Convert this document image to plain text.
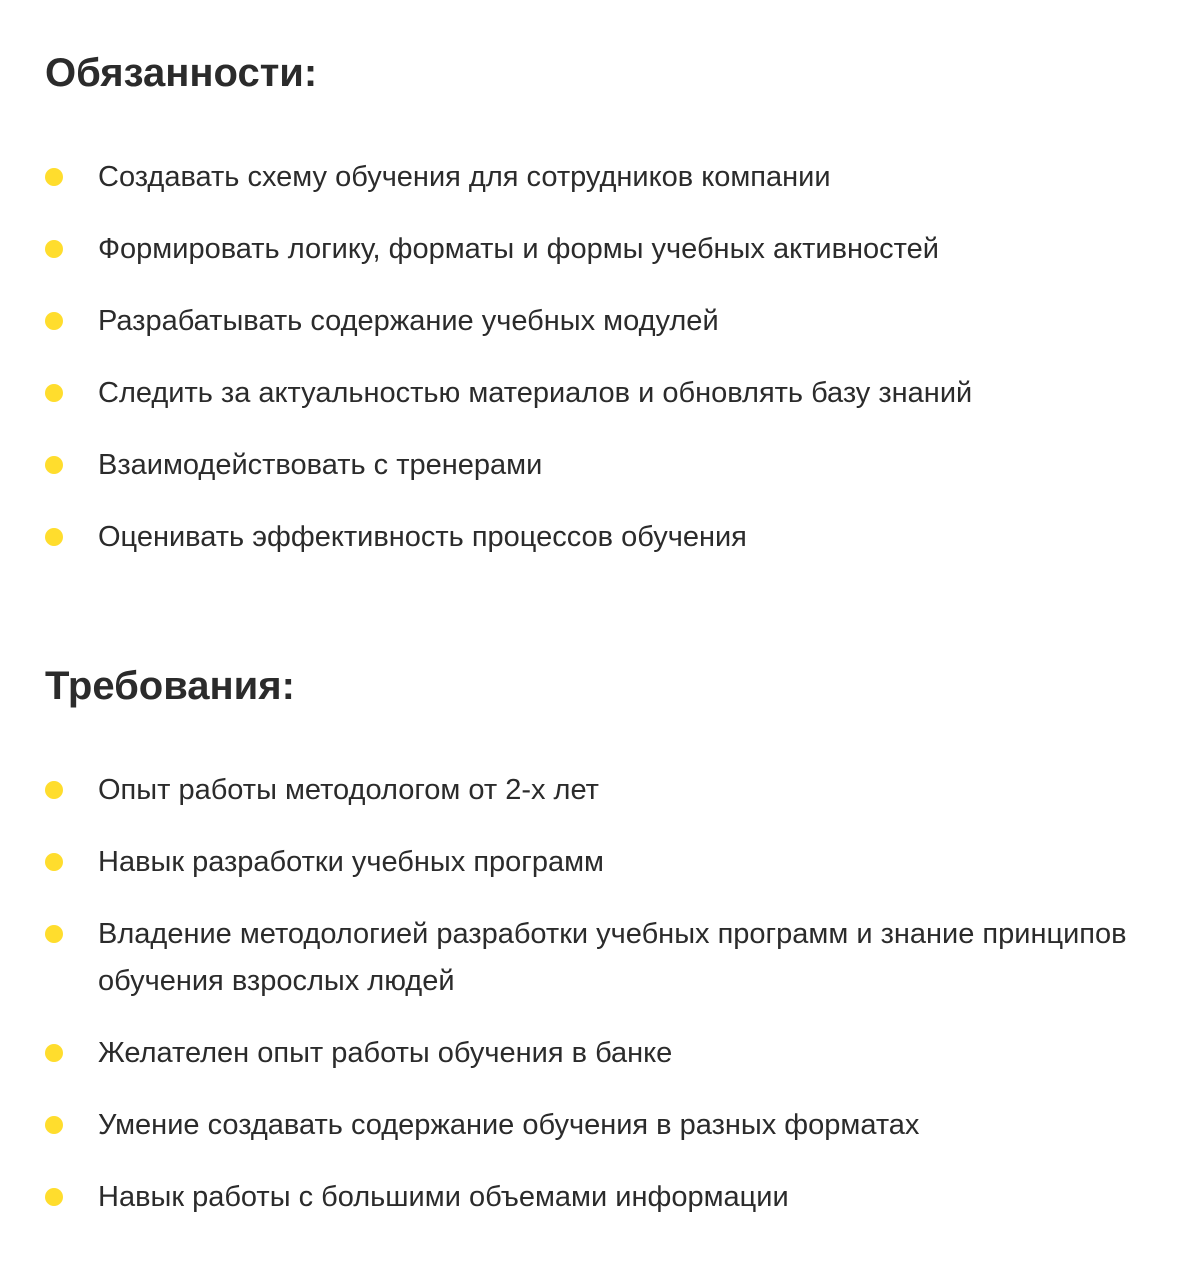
Обязанности:
Создавать схему обучения для сотрудников компании
Формировать логику, форматы и формы учебных активностей
Разрабатывать содержание учебных модулей
Следить за актуальностью материалов и обновлять базу знаний
Взаимодействовать с тренерами
Оценивать эффективность процессов обучения
Требования:
Опыт работы методологом от 2-х лет
Навык разработки учебных программ
Владение методологией разработки учебных программ и знание принципов обучения взрослых людей
Желателен опыт работы обучения в банке
Умение создавать содержание обучения в разных форматах
Навык работы с большими объемами информации
